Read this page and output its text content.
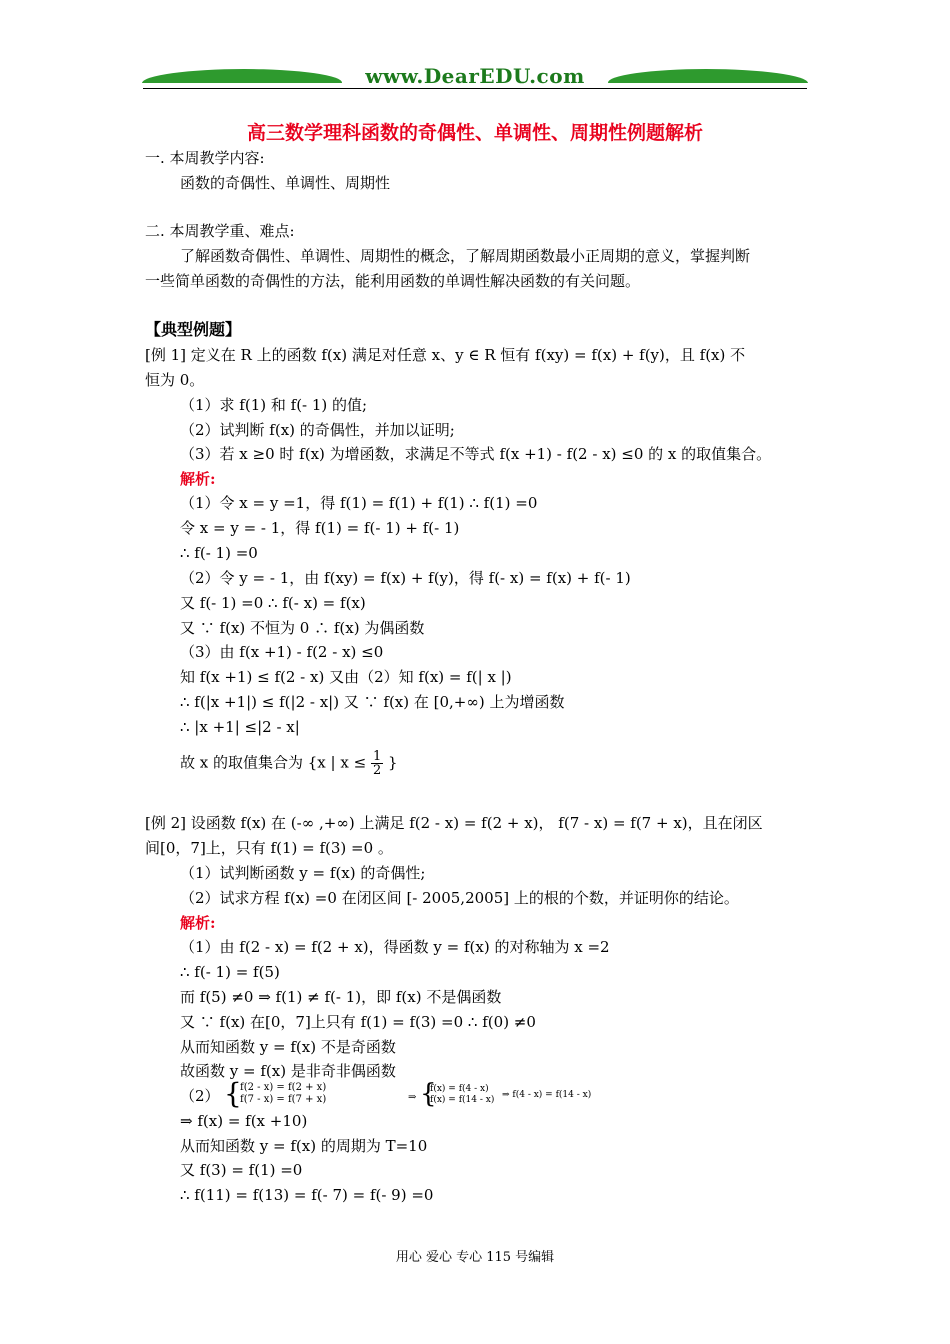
www.DearEDU.com
高三数学理科函数的奇偶性、单调性、周期性例题解析
一. 本周教学内容:
函数的奇偶性、单调性、周期性
二. 本周教学重、难点:
了解函数奇偶性、单调性、周期性的概念，了解周期函数最小正周期的意义，掌握判断
一些简单函数的奇偶性的方法，能利用函数的单调性解决函数的有关问题。
【典型例题】
[例 1] 定义在 R 上的函数 f(x) 满足对任意 x、y ∈ R 恒有 f(xy) = f(x) + f(y)，且 f(x) 不
恒为 0。
（1）求 f(1) 和 f(- 1) 的值;
（2）试判断 f(x) 的奇偶性，并加以证明;
（3）若 x ≥0 时 f(x) 为增函数，求满足不等式 f(x +1) - f(2 - x) ≤0 的 x 的取值集合。
解析:
（1）令 x = y =1，得 f(1) = f(1) + f(1) ∴ f(1) =0
令 x = y = - 1，得 f(1) = f(- 1) + f(- 1)
∴ f(- 1) =0
（2）令 y = - 1，由 f(xy) = f(x) + f(y)，得 f(- x) = f(x) + f(- 1)
又 f(- 1) =0 ∴ f(- x) = f(x)
又 ∵ f(x) 不恒为 0 ∴ f(x) 为偶函数
（3）由 f(x +1) - f(2 - x) ≤0
知 f(x +1) ≤ f(2 - x) 又由（2）知 f(x) = f(| x |)
∴ f(|x +1|) ≤ f(|2 - x|) 又 ∵ f(x) 在 [0,+∞) 上为增函数
∴ |x +1| ≤|2 - x|
故 x 的取值集合为 {x | $x \le \frac{1}{2}$ }
[例 2] 设函数 f(x) 在 (-∞ ,+∞) 上满足 f(2 - x) = f(2 + x)， f(7 - x) = f(7 + x)，且在闭区
间[0，7]上，只有 f(1) = f(3) =0 。
（1）试判断函数 y = f(x) 的奇偶性;
（2）试求方程 f(x) =0 在闭区间 [- 2005,2005] 上的根的个数，并证明你的结论。
解析:
（1）由 f(2 - x) = f(2 + x)，得函数 y = f(x) 的对称轴为 x =2
∴ f(- 1) = f(5)
而 f(5) ≠0 ⇒ f(1) ≠ f(- 1)，即 f(x) 不是偶函数
又 ∵ f(x) 在[0，7]上只有 f(1) = f(3) =0 ∴ f(0) ≠0
从而知函数 y = f(x) 不是奇函数
故函数 y = f(x) 是非奇非偶函数
（2） {
f(2 - x) = f(2 + x)
f(7 - x) = f(7 + x)	⇒ {
f(x) = f(4 - x)
f(x) = f(14 - x) ⇒ f(4 - x) = f(14 - x)
⇒ f(x) = f(x +10)
从而知函数 y = f(x) 的周期为 T=10
又 f(3) = f(1) =0
∴ f(11) = f(13) = f(- 7) = f(- 9) =0
用心 爱心 专心 115 号编辑
